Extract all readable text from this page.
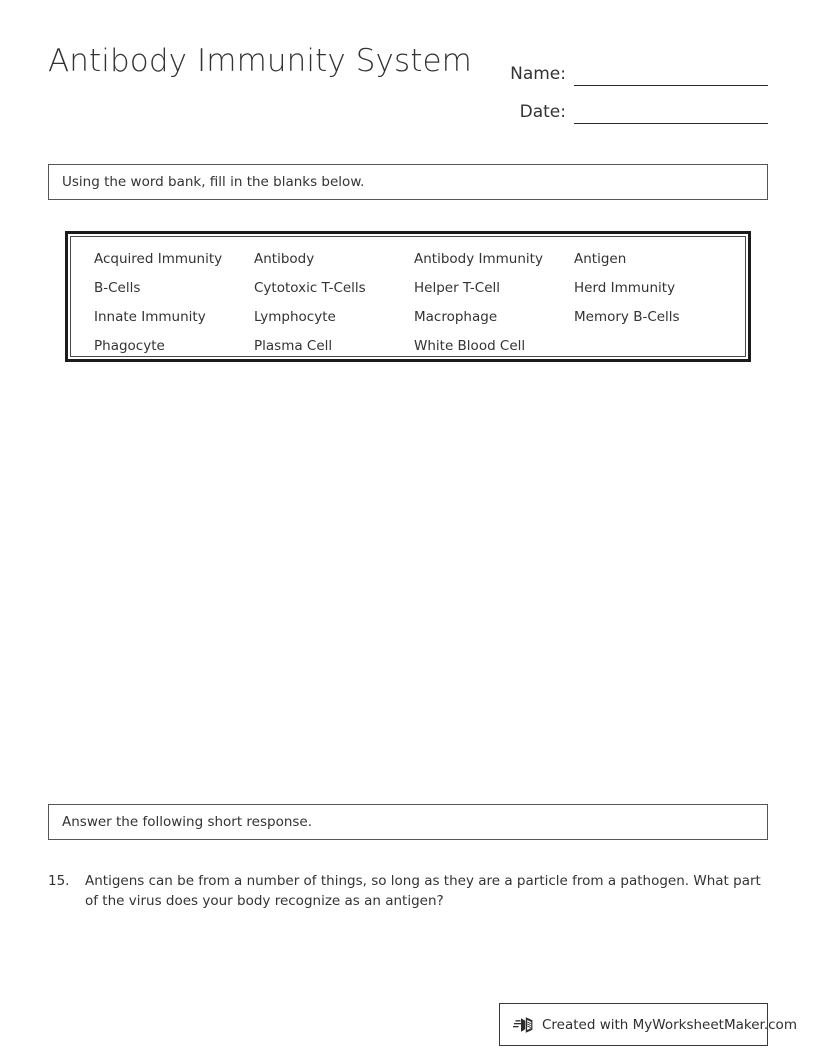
Antibody Immunity System Name:
Date:
Using the word bank, fill in the blanks below.
Acquired Immunity	Antibody	Antibody Immunity	Antigen
B-Cells	Cytotoxic T-Cells	Helper T-Cell	Herd Immunity
Innate Immunity	Lymphocyte	Macrophage	Memory B-Cells
Phagocyte	Plasma Cell	White Blood Cell
Answer the following short response.
15.	Antigens can be from a number of things, so long as they are a particle from a pathogen. What part of the virus does your body recognize as an antigen?
Created with MyWorksheetMaker.com
